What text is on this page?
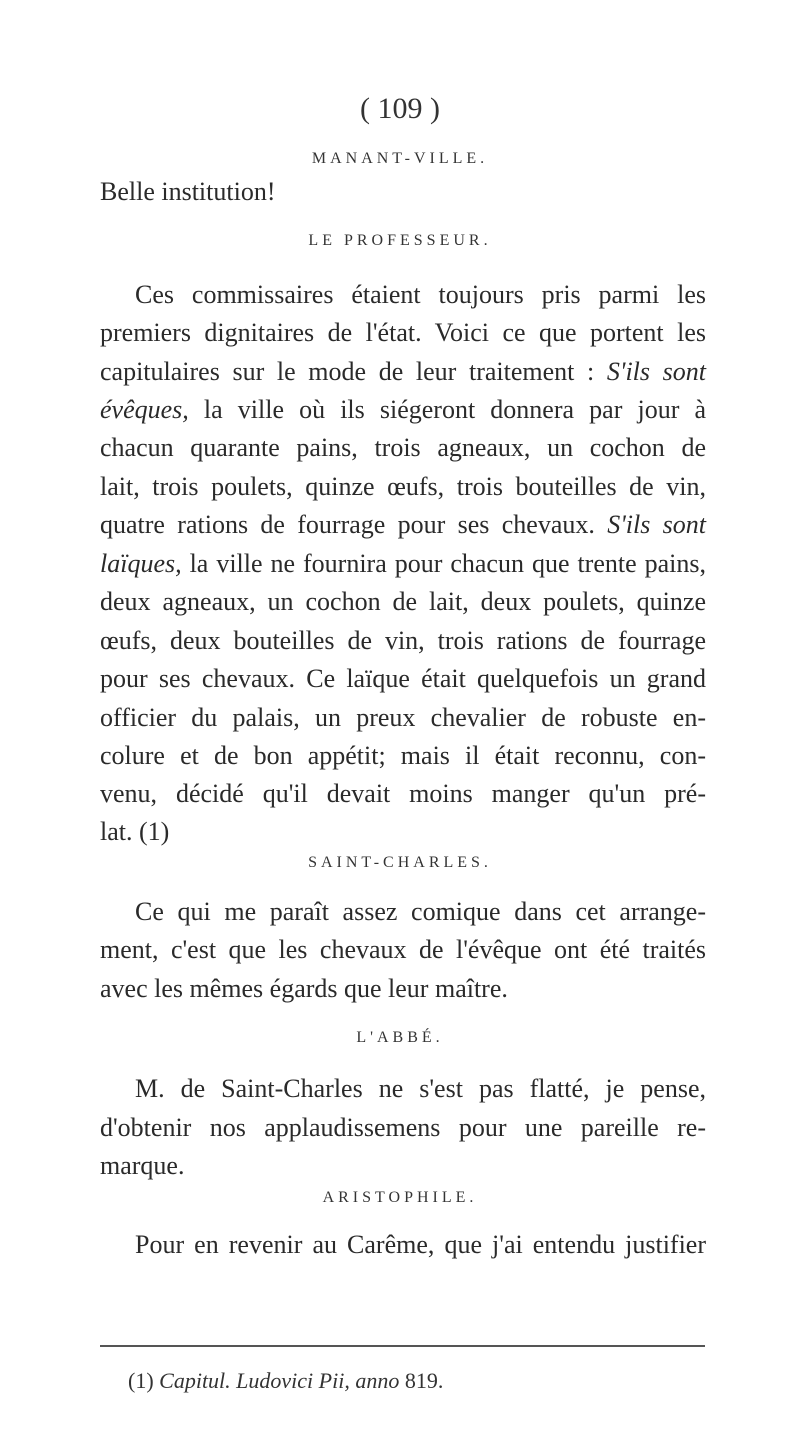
( 109 )
MANANT-VILLE.
Belle institution!
LE PROFESSEUR.
Ces commissaires étaient toujours pris parmi les
premiers dignitaires de l'état. Voici ce que portent les
capitulaires sur le mode de leur traitement : S'ils sont
évêques, la ville où ils siégeront donnera par jour à
chacun quarante pains, trois agneaux, un cochon de
lait, trois poulets, quinze œufs, trois bouteilles de vin,
quatre rations de fourrage pour ses chevaux. S'ils sont
laïques, la ville ne fournira pour chacun que trente pains,
deux agneaux, un cochon de lait, deux poulets, quinze
œufs, deux bouteilles de vin, trois rations de fourrage
pour ses chevaux. Ce laïque était quelquefois un grand
officier du palais, un preux chevalier de robuste en-
colure et de bon appétit; mais il était reconnu, con-
venu, décidé qu'il devait moins manger qu'un pré-
lat. (1)
SAINT-CHARLES.
Ce qui me paraît assez comique dans cet arrange-
ment, c'est que les chevaux de l'évêque ont été traités
avec les mêmes égards que leur maître.
L'ABBÉ.
M. de Saint-Charles ne s'est pas flatté, je pense,
d'obtenir nos applaudissemens pour une pareille re-
marque.
ARISTOPHILE.
Pour en revenir au Carême, que j'ai entendu justifier
(1) Capitul. Ludovici Pii, anno 819.
